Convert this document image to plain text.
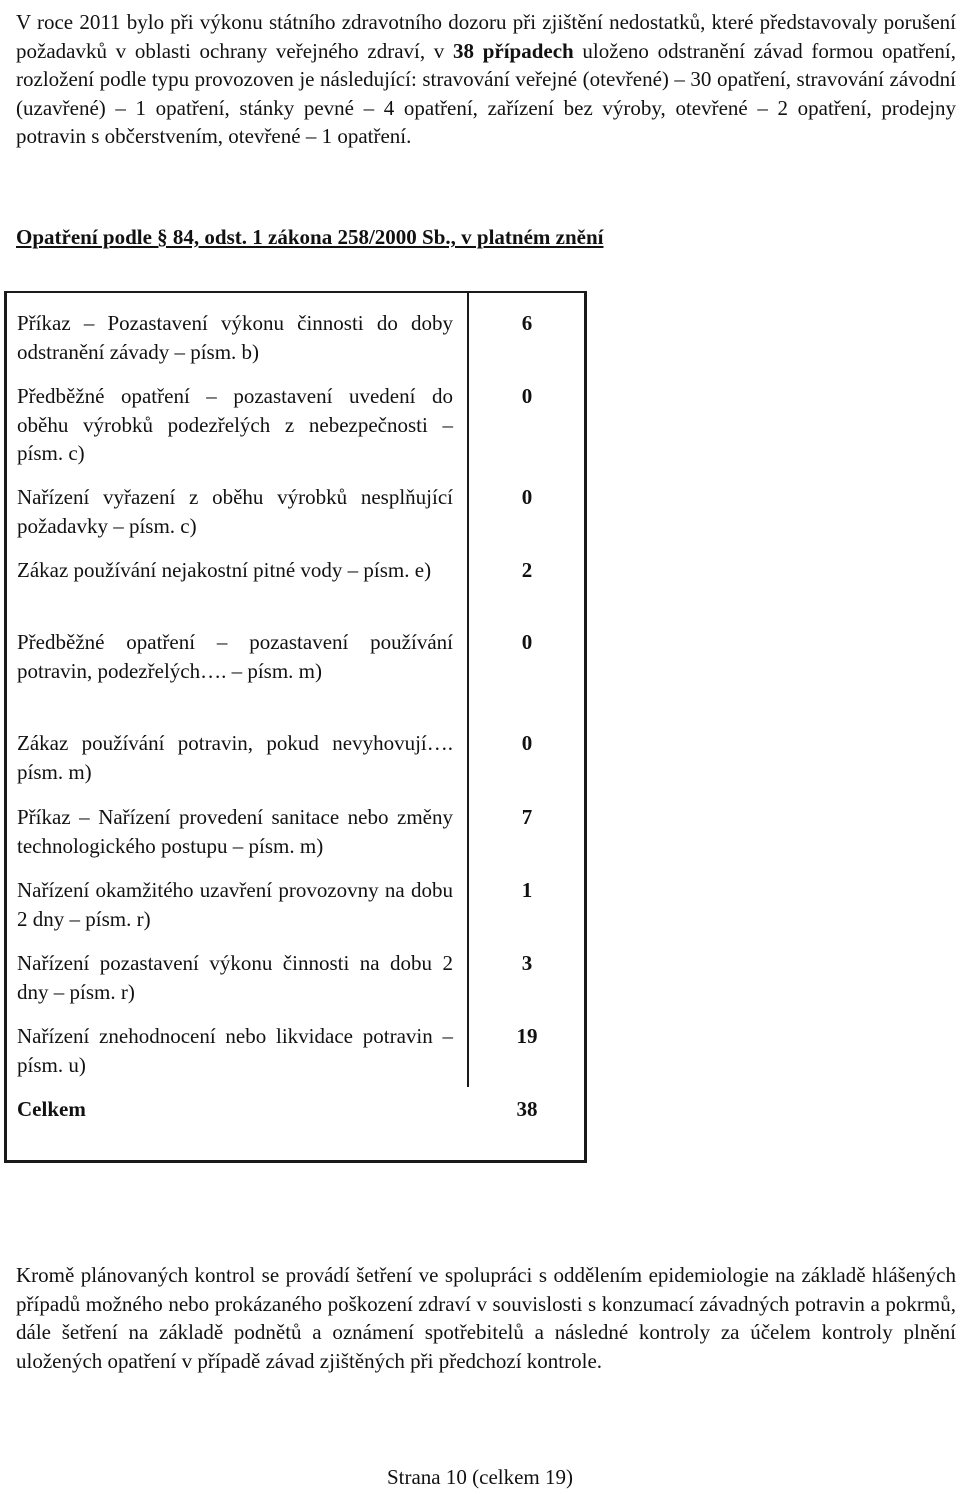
V roce 2011 bylo při výkonu státního zdravotního dozoru při zjištění nedostatků, které představovaly porušení požadavků v oblasti ochrany veřejného zdraví, v 38 případech uloženo odstranění závad formou opatření, rozložení podle typu provozoven je následující: stravování veřejné (otevřené) – 30 opatření, stravování závodní (uzavřené) – 1 opatření, stánky pevné – 4 opatření, zařízení bez výroby, otevřené – 2 opatření, prodejny potravin s občerstvením, otevřené – 1 opatření.
Opatření podle § 84, odst. 1 zákona 258/2000 Sb., v platném znění
Příkaz – Pozastavení výkonu činnosti do doby odstranění závady – písm. b)
6
Předběžné opatření – pozastavení uvedení do oběhu výrobků podezřelých z nebezpečnosti – písm. c)
0
Nařízení vyřazení z oběhu výrobků nesplňující požadavky – písm. c)
0
Zákaz používání nejakostní pitné vody – písm. e)	2
Předběžné opatření – pozastavení používání potravin, podezřelých…. – písm. m)
0
Zákaz používání potravin, pokud nevyhovují…. písm. m)
0
Příkaz – Nařízení provedení sanitace nebo změny technologického postupu – písm. m)
7
Nařízení okamžitého uzavření provozovny na dobu 2 dny – písm. r)
1
Nařízení pozastavení výkonu činnosti na dobu 2 dny – písm. r)
3
Nařízení znehodnocení nebo likvidace potravin – písm. u)
19
Celkem	38
Kromě plánovaných kontrol se provádí šetření ve spolupráci s oddělením epidemiologie na základě hlášených případů možného nebo prokázaného poškození zdraví v souvislosti s konzumací závadných potravin a pokrmů, dále šetření na základě podnětů a oznámení spotřebitelů a následné kontroly za účelem kontroly plnění uložených opatření v případě závad zjištěných při předchozí kontrole.
Strana 10 (celkem 19)
